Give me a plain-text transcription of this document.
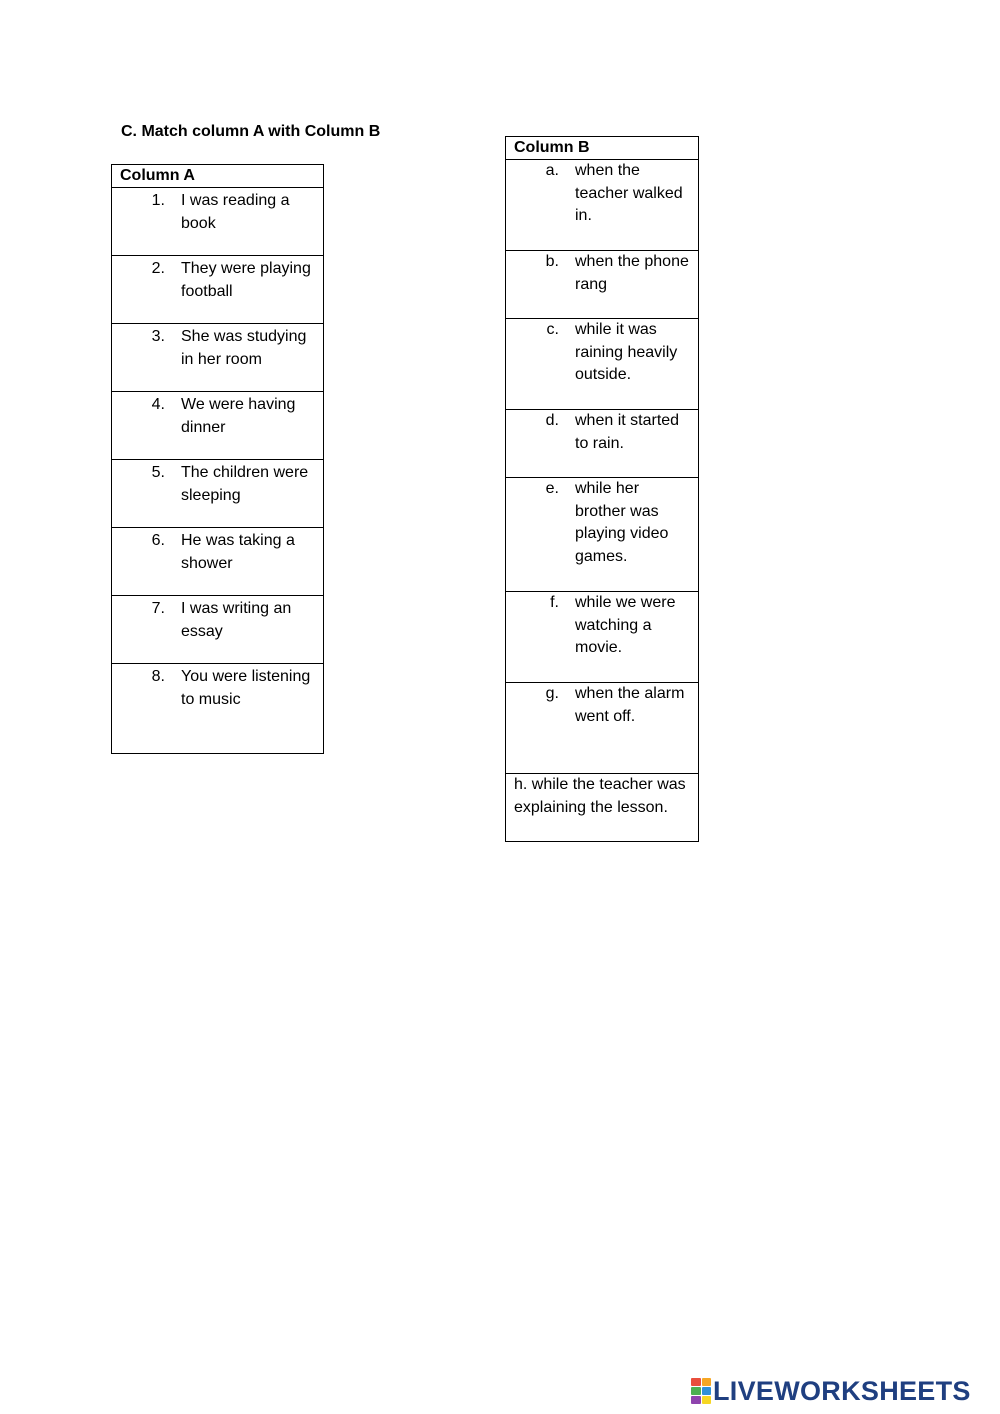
C. Match column A with Column B
Column A

1.	I was reading a book

2.	They were playing football

3.	She was studying in her room

4.	We were having dinner

5.	The children were sleeping

6.	He was taking a shower

7.	I was writing an essay

8.	You were listening to music
Column B

a.	when the teacher walked in.

b.	when the phone rang

c.	while it was raining heavily outside.

d.	when it started to rain.

e.	while her brother was playing video games.

f.	while we were watching a movie.

g.	when the alarm went off.

h. while the teacher was explaining the lesson.
LIVEWORKSHEETS
